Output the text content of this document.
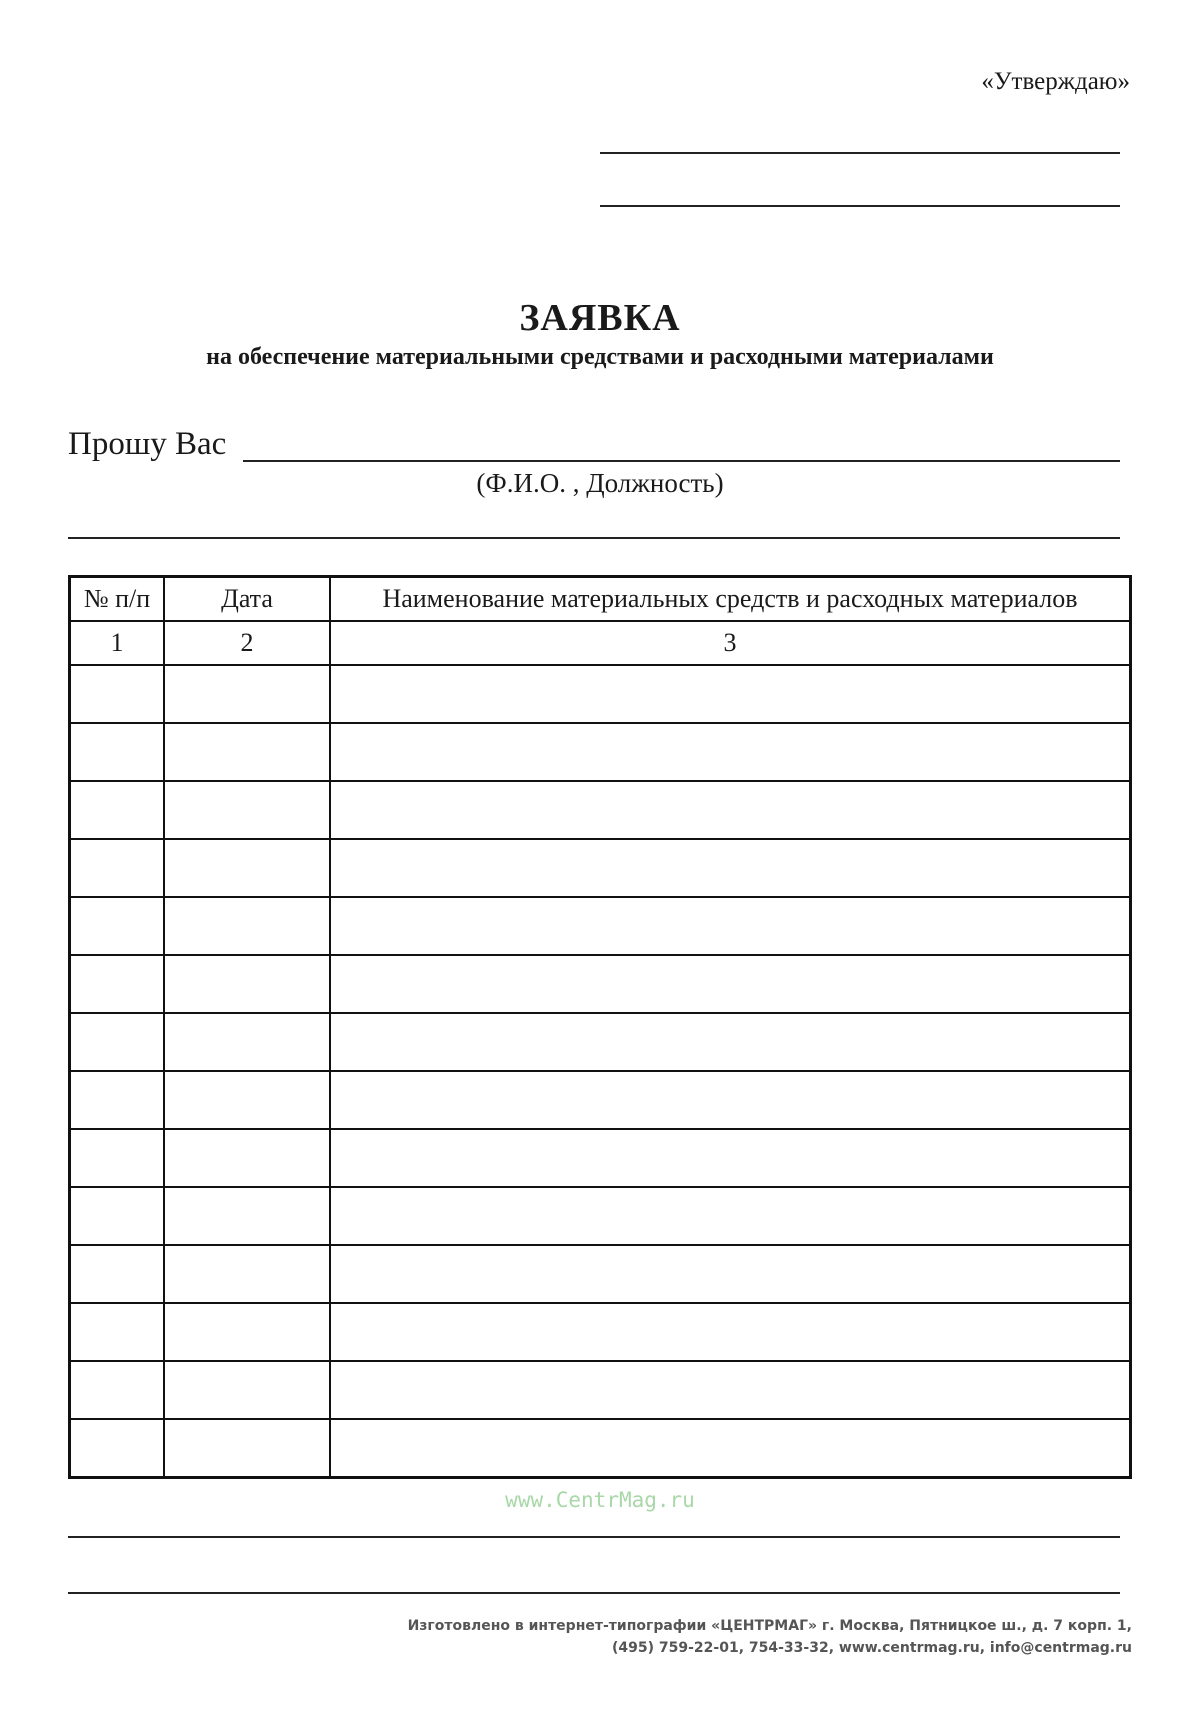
«Утверждаю»
ЗАЯВКА
на обеспечение материальными средствами и расходными материалами
Прошу Вас
(Ф.И.О. , Должность)
№ п/п	Дата	Наименование материальных средств и расходных материалов
1	2	3

www.CentrMag.ru
Изготовлено в интернет-типографии «ЦЕНТРМАГ» г. Москва, Пятницкое ш., д. 7 корп. 1,
(495) 759-22-01, 754-33-32, www.centrmag.ru, info@centrmag.ru
